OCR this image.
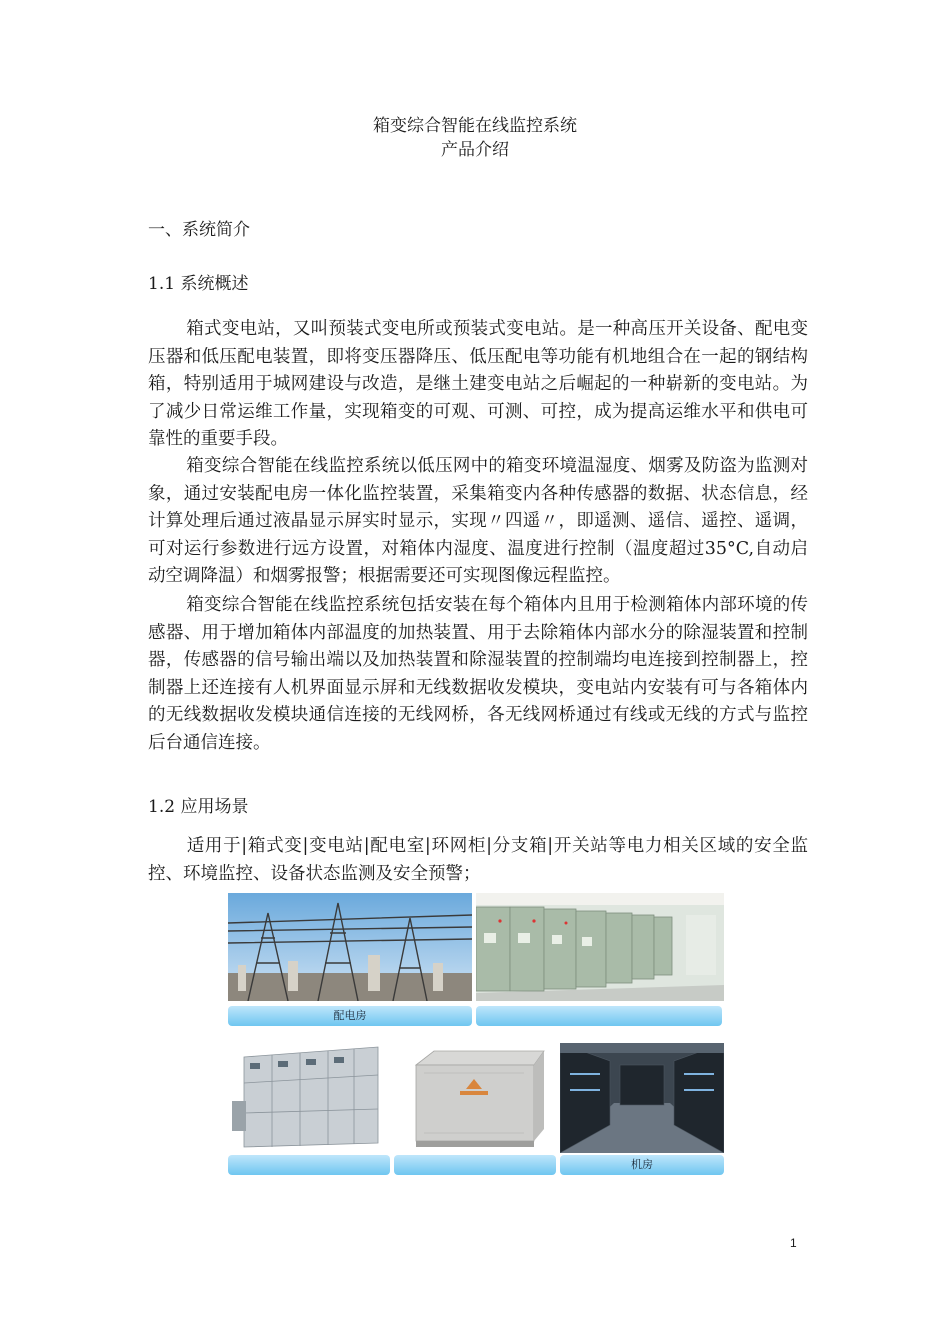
箱变综合智能在线监控系统
产品介绍
一、系统简介
1.1 系统概述

箱式变电站，又叫预装式变电所或预装式变电站。是一种高压开关设备、配电变压器和低压配电装置，即将变压器降压、低压配电等功能有机地组合在一起的钢结构箱，特别适用于城网建设与改造，是继土建变电站之后崛起的一种崭新的变电站。为了减少日常运维工作量，实现箱变的可观、可测、可控，成为提高运维水平和供电可靠性的重要手段。

箱变综合智能在线监控系统以低压网中的箱变环境温湿度、烟雾及防盗为监测对象，通过安装配电房一体化监控装置，采集箱变内各种传感器的数据、状态信息，经计算处理后通过液晶显示屏实时显示，实现〃四遥〃，即遥测、遥信、遥控、遥调，可对运行参数进行远方设置，对箱体内湿度、温度进行控制（温度超过35°C,自动启动空调降温）和烟雾报警；根据需要还可实现图像远程监控。

箱变综合智能在线监控系统包括安装在每个箱体内且用于检测箱体内部环境的传感器、用于增加箱体内部温度的加热装置、用于去除箱体内部水分的除湿装置和控制器，传感器的信号输出端以及加热装置和除湿装置的控制端均电连接到控制器上，控制器上还连接有人机界面显示屏和无线数据收发模块，变电站内安装有可与各箱体内的无线数据收发模块通信连接的无线网桥，各无线网桥通过有线或无线的方式与监控后台通信连接。

1.2 应用场景

适用于|箱式变|变电站|配电室|环网柜|分支箱|开关站等电力相关区域的安全监控、环境监控、设备状态监测及安全预警；

配电房
机房
1
